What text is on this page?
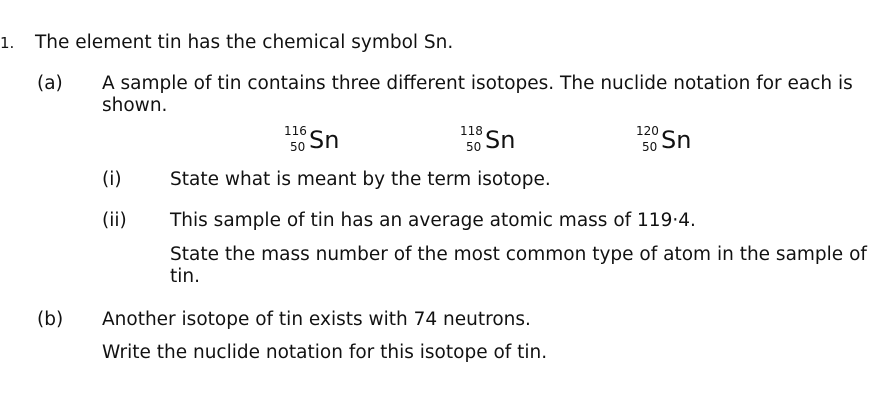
1. The element tin has the chemical symbol Sn.
(a) A sample of tin contains three different isotopes. The nuclide notation for each is
shown.
116
50 Sn	118
50 Sn	120
50 Sn
(i)	State what is meant by the term isotope.
(ii) This sample of tin has an average atomic mass of 119·4.
State the mass number of the most common type of atom in the sample of
tin.
(b) Another isotope of tin exists with 74 neutrons.
Write the nuclide notation for this isotope of tin.
